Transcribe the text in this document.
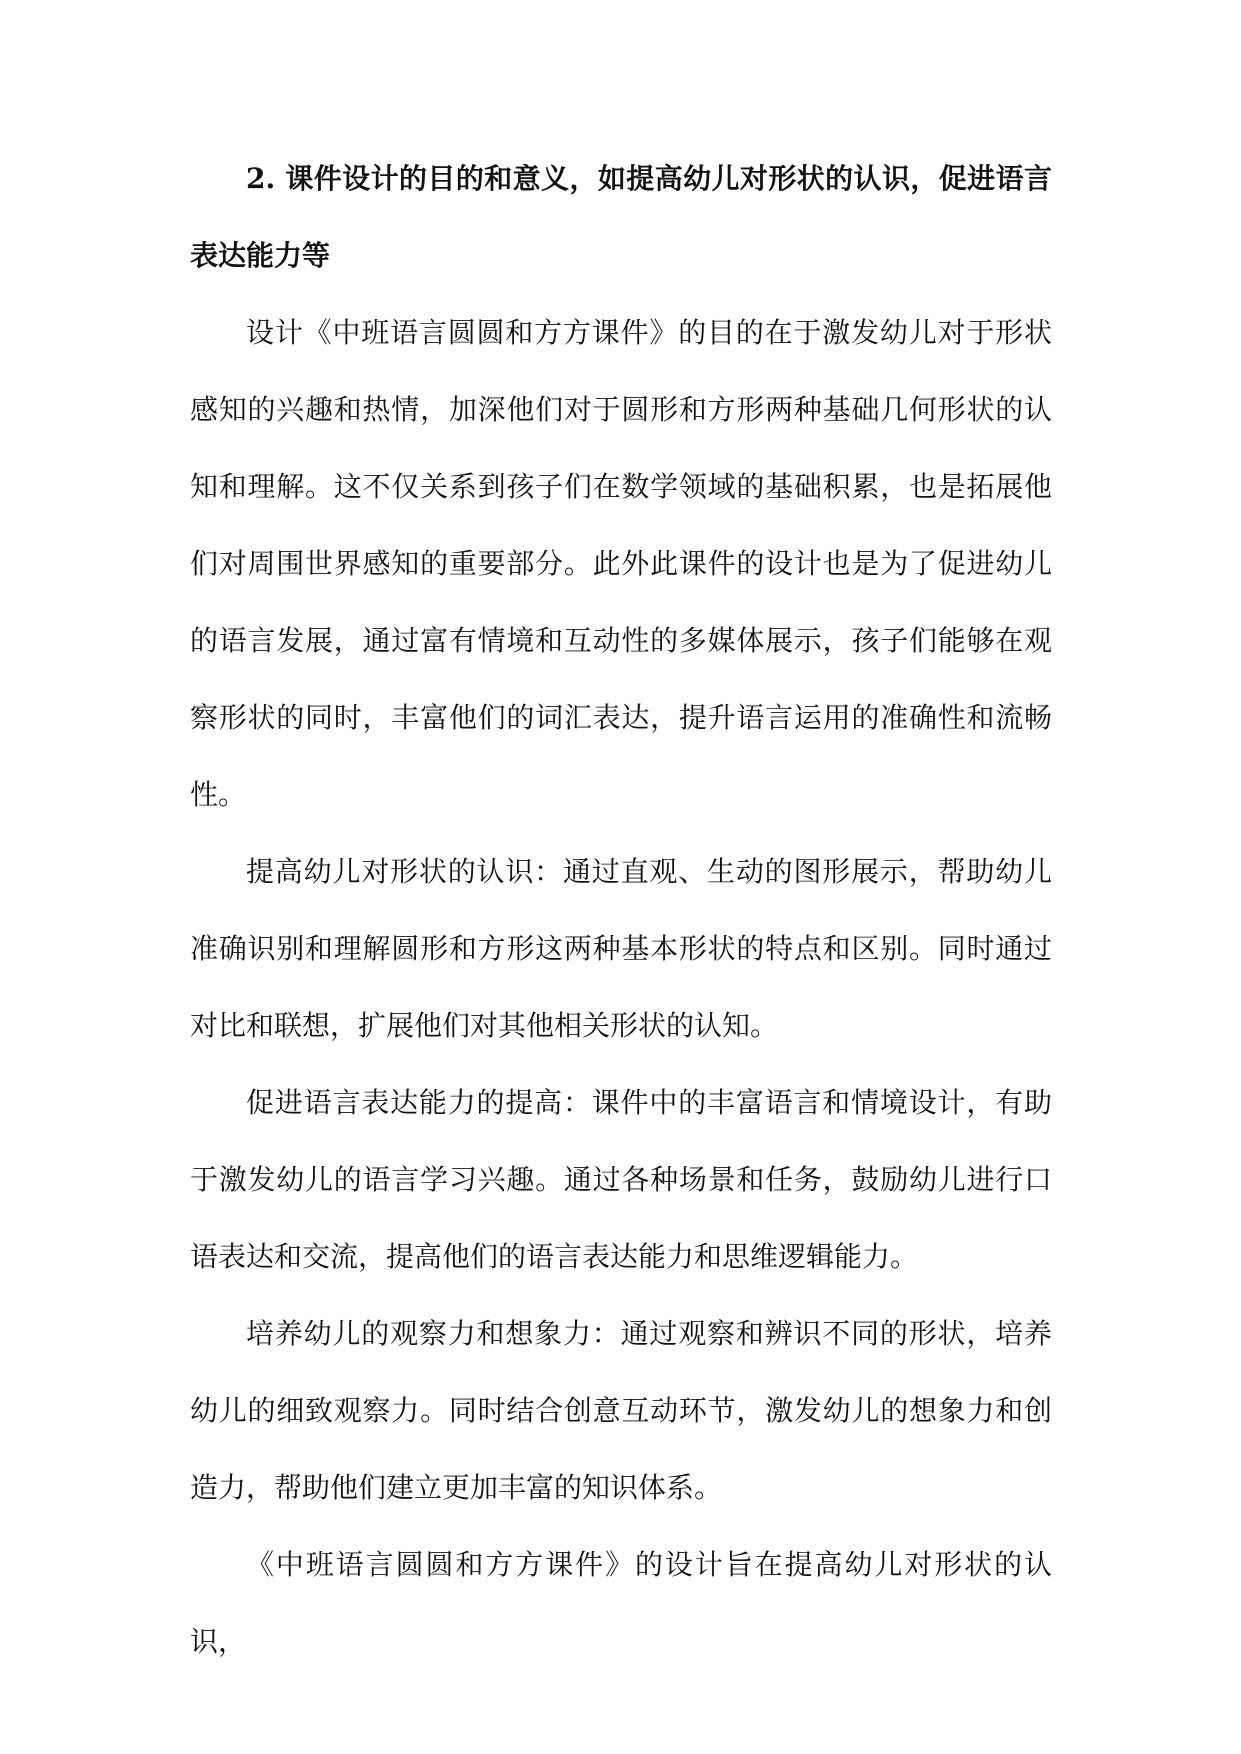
2. 课件设计的目的和意义，如提高幼儿对形状的认识，促进语言表达能力等

设计《中班语言圆圆和方方课件》的目的在于激发幼儿对于形状感知的兴趣和热情，加深他们对于圆形和方形两种基础几何形状的认知和理解。这不仅关系到孩子们在数学领域的基础积累，也是拓展他们对周围世界感知的重要部分。此外此课件的设计也是为了促进幼儿的语言发展，通过富有情境和互动性的多媒体展示，孩子们能够在观察形状的同时，丰富他们的词汇表达，提升语言运用的准确性和流畅性。

提高幼儿对形状的认识：通过直观、生动的图形展示，帮助幼儿准确识别和理解圆形和方形这两种基本形状的特点和区别。同时通过对比和联想，扩展他们对其他相关形状的认知。

促进语言表达能力的提高：课件中的丰富语言和情境设计，有助于激发幼儿的语言学习兴趣。通过各种场景和任务，鼓励幼儿进行口语表达和交流，提高他们的语言表达能力和思维逻辑能力。

培养幼儿的观察力和想象力：通过观察和辨识不同的形状，培养幼儿的细致观察力。同时结合创意互动环节，激发幼儿的想象力和创造力，帮助他们建立更加丰富的知识体系。

《中班语言圆圆和方方课件》的设计旨在提高幼儿对形状的认识，
